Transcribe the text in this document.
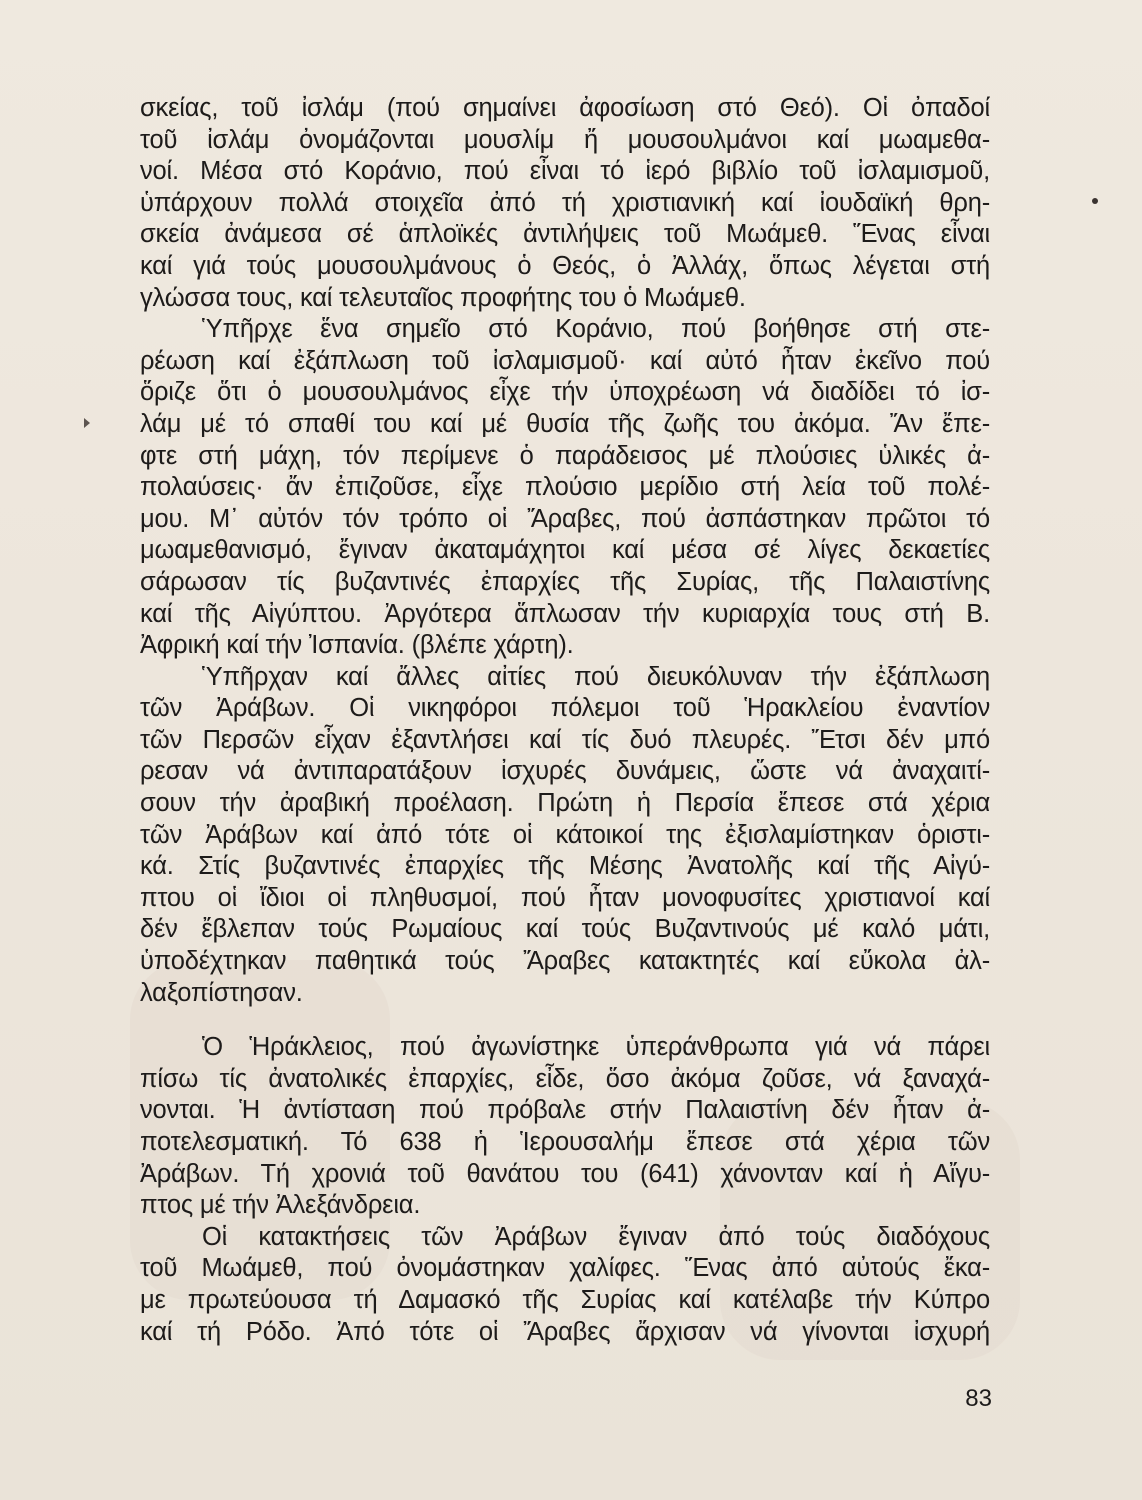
σκείας, τοῦ ἰσλάμ (πού σημαίνει ἀφοσίωση στό Θεό). Οἱ ὀπαδοί
τοῦ ἰσλάμ ὀνομάζονται μουσλίμ ἤ μουσουλμάνοι καί μωαμεθα-
νοί. Μέσα στό Κοράνιο, πού εἶναι τό ἱερό βιβλίο τοῦ ἰσλαμισμοῦ,
ὑπάρχουν πολλά στοιχεῖα ἀπό τή χριστιανική καί ἰουδαϊκή θρη-
σκεία ἀνάμεσα σέ ἁπλοϊκές ἀντιλήψεις τοῦ Μωάμεθ. Ἕνας εἶναι
καί γιά τούς μουσουλμάνους ὁ Θεός, ὁ Ἀλλάχ, ὅπως λέγεται στή
γλώσσα τους, καί τελευταῖος προφήτης του ὁ Μωάμεθ.
Ὑπῆρχε ἕνα σημεῖο στό Κοράνιο, πού βοήθησε στή στε-
ρέωση καί ἐξάπλωση τοῦ ἰσλαμισμοῦ· καί αὐτό ἦταν ἐκεῖνο πού
ὅριζε ὅτι ὁ μουσουλμάνος εἶχε τήν ὑποχρέωση νά διαδίδει τό ἰσ-
λάμ μέ τό σπαθί του καί μέ θυσία τῆς ζωῆς του ἀκόμα. Ἄν ἔπε-
φτε στή μάχη, τόν περίμενε ὁ παράδεισος μέ πλούσιες ὑλικές ἀ-
πολαύσεις· ἄν ἐπιζοῦσε, εἶχε πλούσιο μερίδιο στή λεία τοῦ πολέ-
μου. Μ᾿ αὐτόν τόν τρόπο οἱ Ἄραβες, πού ἀσπάστηκαν πρῶτοι τό
μωαμεθανισμό, ἔγιναν ἀκαταμάχητοι καί μέσα σέ λίγες δεκαετίες
σάρωσαν τίς βυζαντινές ἐπαρχίες τῆς Συρίας, τῆς Παλαιστίνης
καί τῆς Αἰγύπτου. Ἀργότερα ἅπλωσαν τήν κυριαρχία τους στή Β.
Ἀφρική καί τήν Ἰσπανία. (βλέπε χάρτη).
Ὑπῆρχαν καί ἄλλες αἰτίες πού διευκόλυναν τήν ἐξάπλωση
τῶν Ἀράβων. Οἱ νικηφόροι πόλεμοι τοῦ Ἡρακλείου ἐναντίον
τῶν Περσῶν εἶχαν ἐξαντλήσει καί τίς δυό πλευρές. Ἔτσι δέν μπό
ρεσαν νά ἀντιπαρατάξουν ἰσχυρές δυνάμεις, ὥστε νά ἀναχαιτί-
σουν τήν ἀραβική προέλαση. Πρώτη ἡ Περσία ἔπεσε στά χέρια
τῶν Ἀράβων καί ἀπό τότε οἱ κάτοικοί της ἐξισλαμίστηκαν ὁριστι-
κά. Στίς βυζαντινές ἐπαρχίες τῆς Μέσης Ἀνατολῆς καί τῆς Αἰγύ-
πτου οἱ ἴδιοι οἱ πληθυσμοί, πού ἦταν μονοφυσίτες χριστιανοί καί
δέν ἔβλεπαν τούς Ρωμαίους καί τούς Βυζαντινούς μέ καλό μάτι,
ὑποδέχτηκαν παθητικά τούς Ἄραβες κατακτητές καί εὔκολα ἀλ-
λαξοπίστησαν.
Ὁ Ἡράκλειος, πού ἀγωνίστηκε ὑπεράνθρωπα γιά νά πάρει
πίσω τίς ἀνατολικές ἐπαρχίες, εἶδε, ὅσο ἀκόμα ζοῦσε, νά ξαναχά-
νονται. Ἡ ἀντίσταση πού πρόβαλε στήν Παλαιστίνη δέν ἦταν ἀ-
ποτελεσματική. Τό 638 ἡ Ἱερουσαλήμ ἔπεσε στά χέρια τῶν
Ἀράβων. Τή χρονιά τοῦ θανάτου του (641) χάνονταν καί ἡ Αἴγυ-
πτος μέ τήν Ἀλεξάνδρεια.
Οἱ κατακτήσεις τῶν Ἀράβων ἔγιναν ἀπό τούς διαδόχους
τοῦ Μωάμεθ, πού ὀνομάστηκαν χαλίφες. Ἕνας ἀπό αὐτούς ἔκα-
με πρωτεύουσα τή Δαμασκό τῆς Συρίας καί κατέλαβε τήν Κύπρο
καί τή Ρόδο. Ἀπό τότε οἱ Ἄραβες ἄρχισαν νά γίνονται ἰσχυρή
83
